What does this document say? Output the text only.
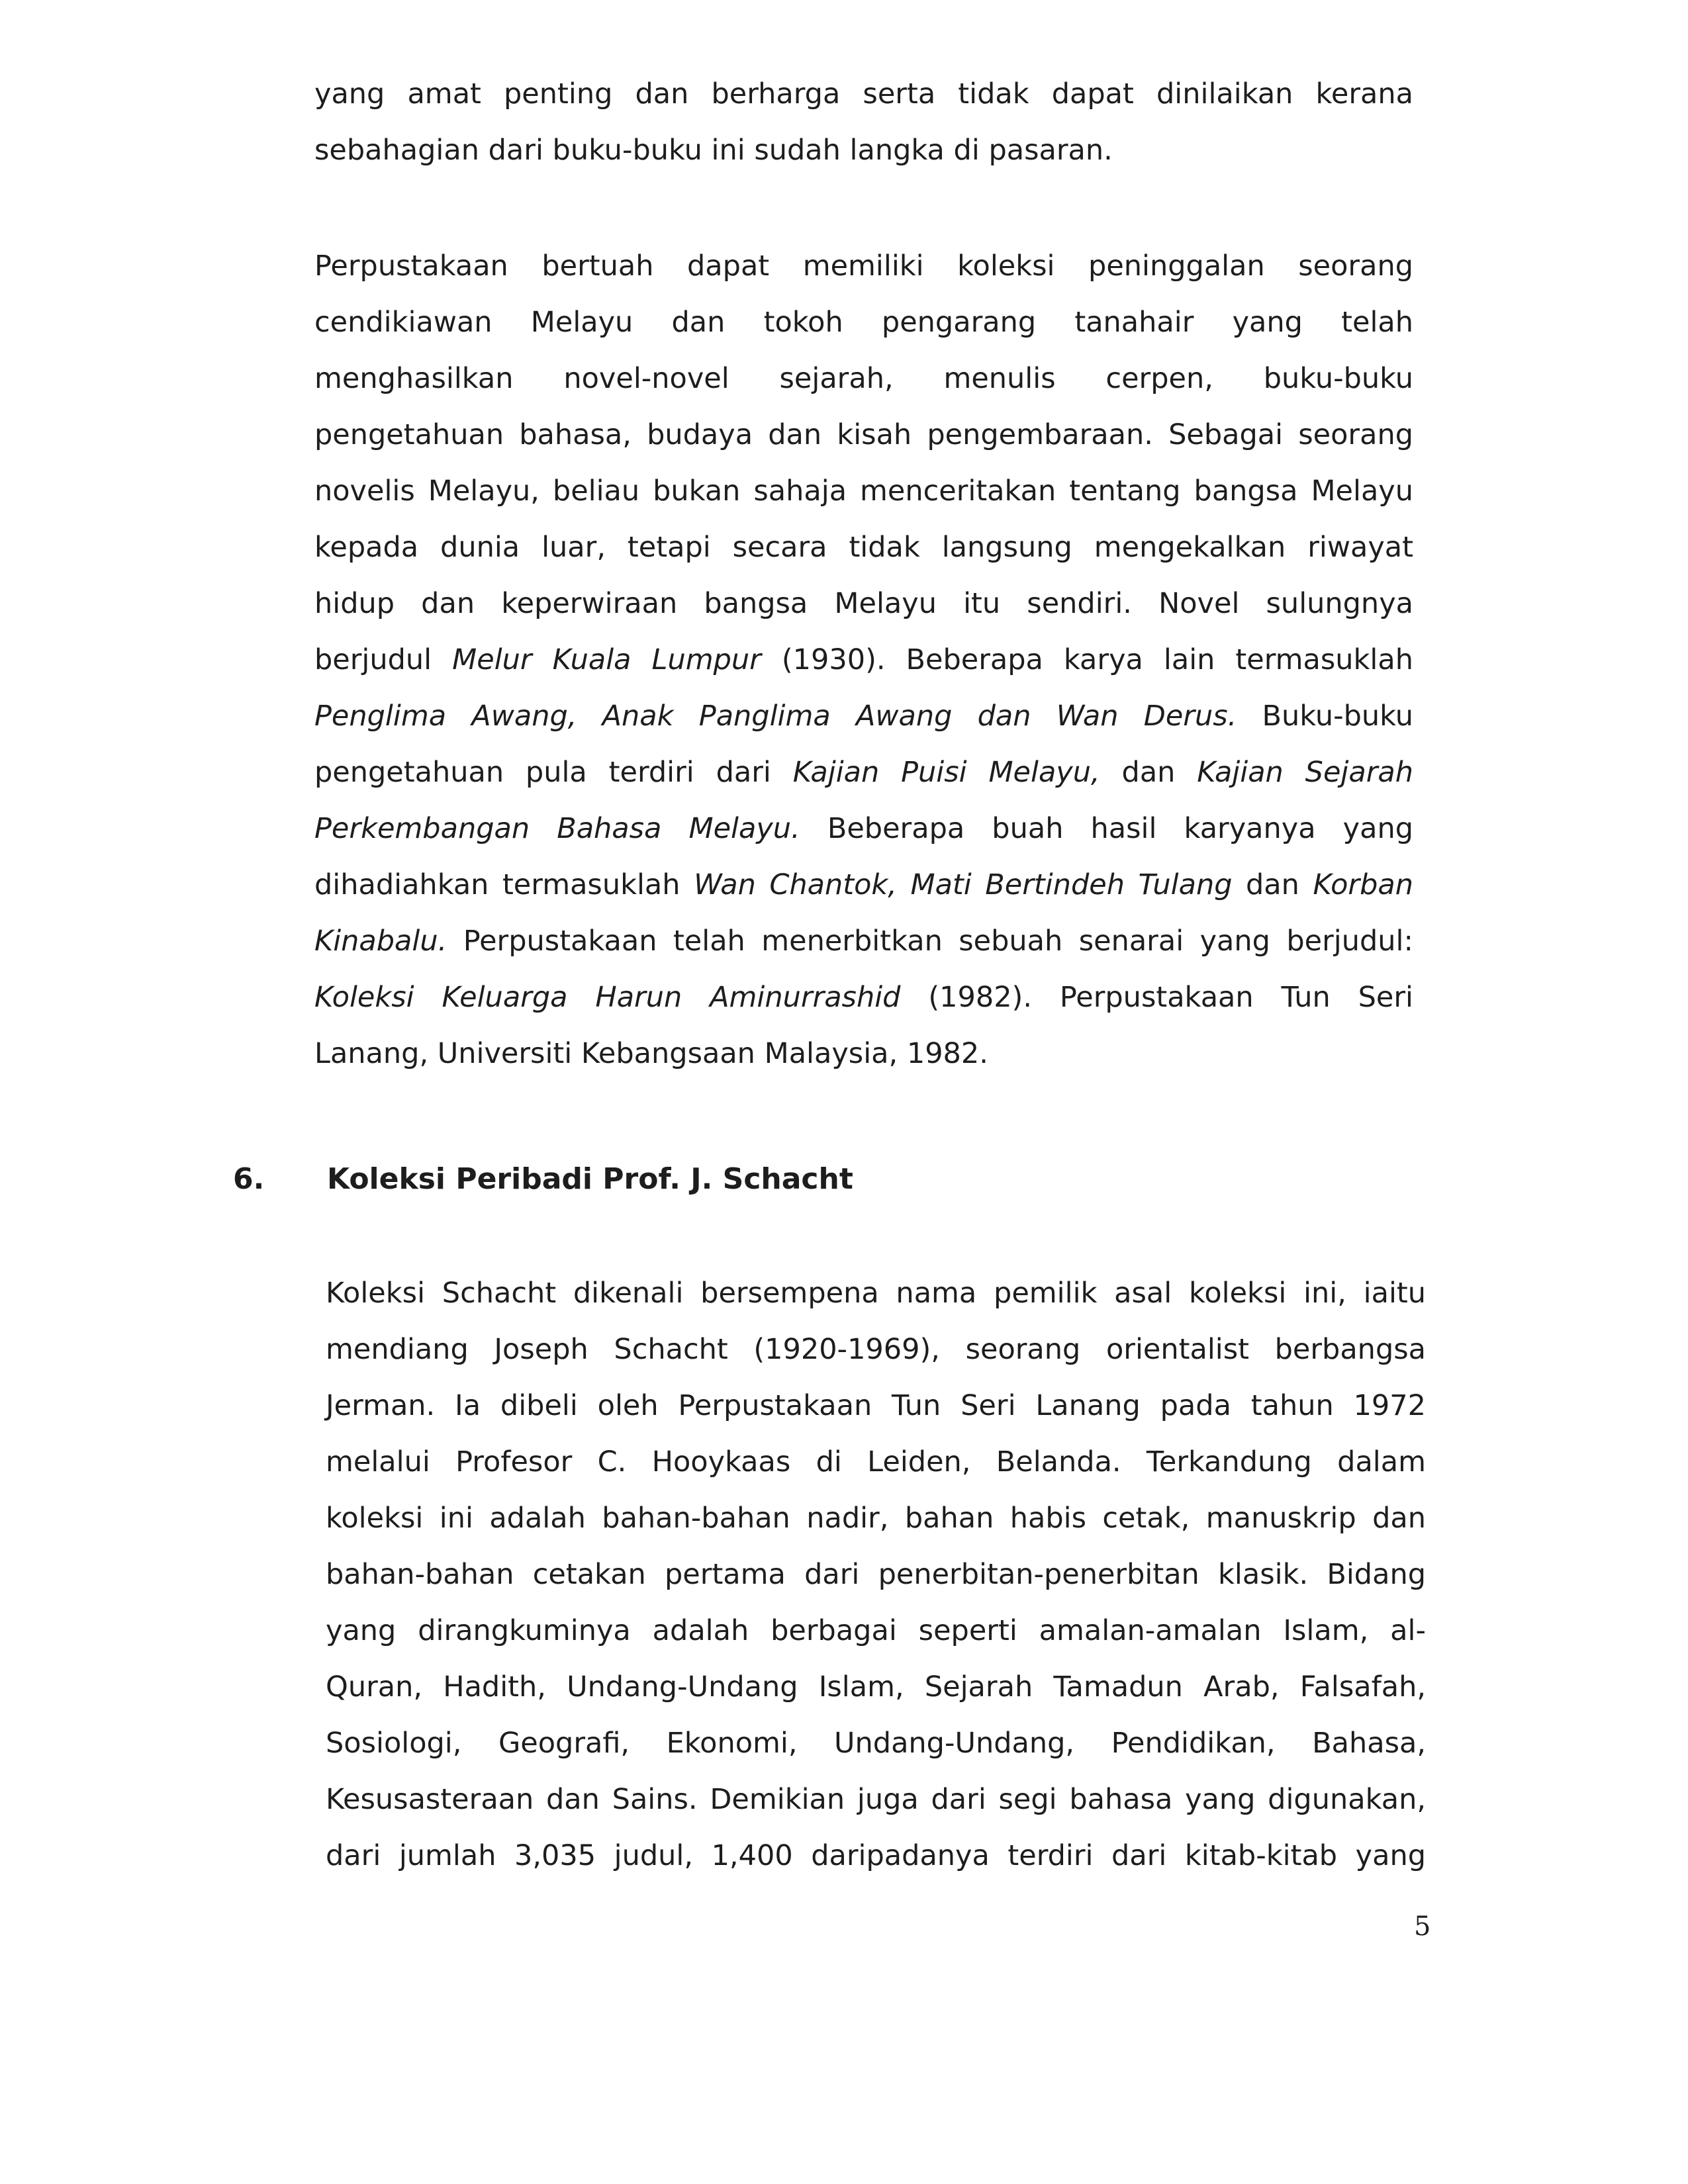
yang amat penting dan berharga serta tidak dapat dinilaikan kerana
sebahagian dari buku-buku ini sudah langka di pasaran.
Perpustakaan bertuah dapat memiliki koleksi peninggalan seorang
cendikiawan Melayu dan tokoh pengarang tanahair yang telah
menghasilkan novel-novel sejarah, menulis cerpen, buku-buku
pengetahuan bahasa, budaya dan kisah pengembaraan. Sebagai seorang
novelis Melayu, beliau bukan sahaja menceritakan tentang bangsa Melayu
kepada dunia luar, tetapi secara tidak langsung mengekalkan riwayat
hidup dan keperwiraan bangsa Melayu itu sendiri. Novel sulungnya
berjudul Melur Kuala Lumpur (1930). Beberapa karya lain termasuklah
Penglima Awang, Anak Panglima Awang dan Wan Derus. Buku-buku
pengetahuan pula terdiri dari Kajian Puisi Melayu, dan Kajian Sejarah
Perkembangan Bahasa Melayu. Beberapa buah hasil karyanya yang
dihadiahkan termasuklah Wan Chantok, Mati Bertindeh Tulang dan Korban
Kinabalu. Perpustakaan telah menerbitkan sebuah senarai yang berjudul:
Koleksi Keluarga Harun Aminurrashid (1982). Perpustakaan Tun Seri
Lanang, Universiti Kebangsaan Malaysia, 1982.
6. Koleksi Peribadi Prof. J. Schacht
Koleksi Schacht dikenali bersempena nama pemilik asal koleksi ini, iaitu
mendiang Joseph Schacht (1920-1969), seorang orientalist berbangsa
Jerman. Ia dibeli oleh Perpustakaan Tun Seri Lanang pada tahun 1972
melalui Profesor C. Hooykaas di Leiden, Belanda. Terkandung dalam
koleksi ini adalah bahan-bahan nadir, bahan habis cetak, manuskrip dan
bahan-bahan cetakan pertama dari penerbitan-penerbitan klasik. Bidang
yang dirangkuminya adalah berbagai seperti amalan-amalan Islam, al-
Quran, Hadith, Undang-Undang Islam, Sejarah Tamadun Arab, Falsafah,
Sosiologi, Geografi, Ekonomi, Undang-Undang, Pendidikan, Bahasa,
Kesusasteraan dan Sains. Demikian juga dari segi bahasa yang digunakan,
dari jumlah 3,035 judul, 1,400 daripadanya terdiri dari kitab-kitab yang
5
